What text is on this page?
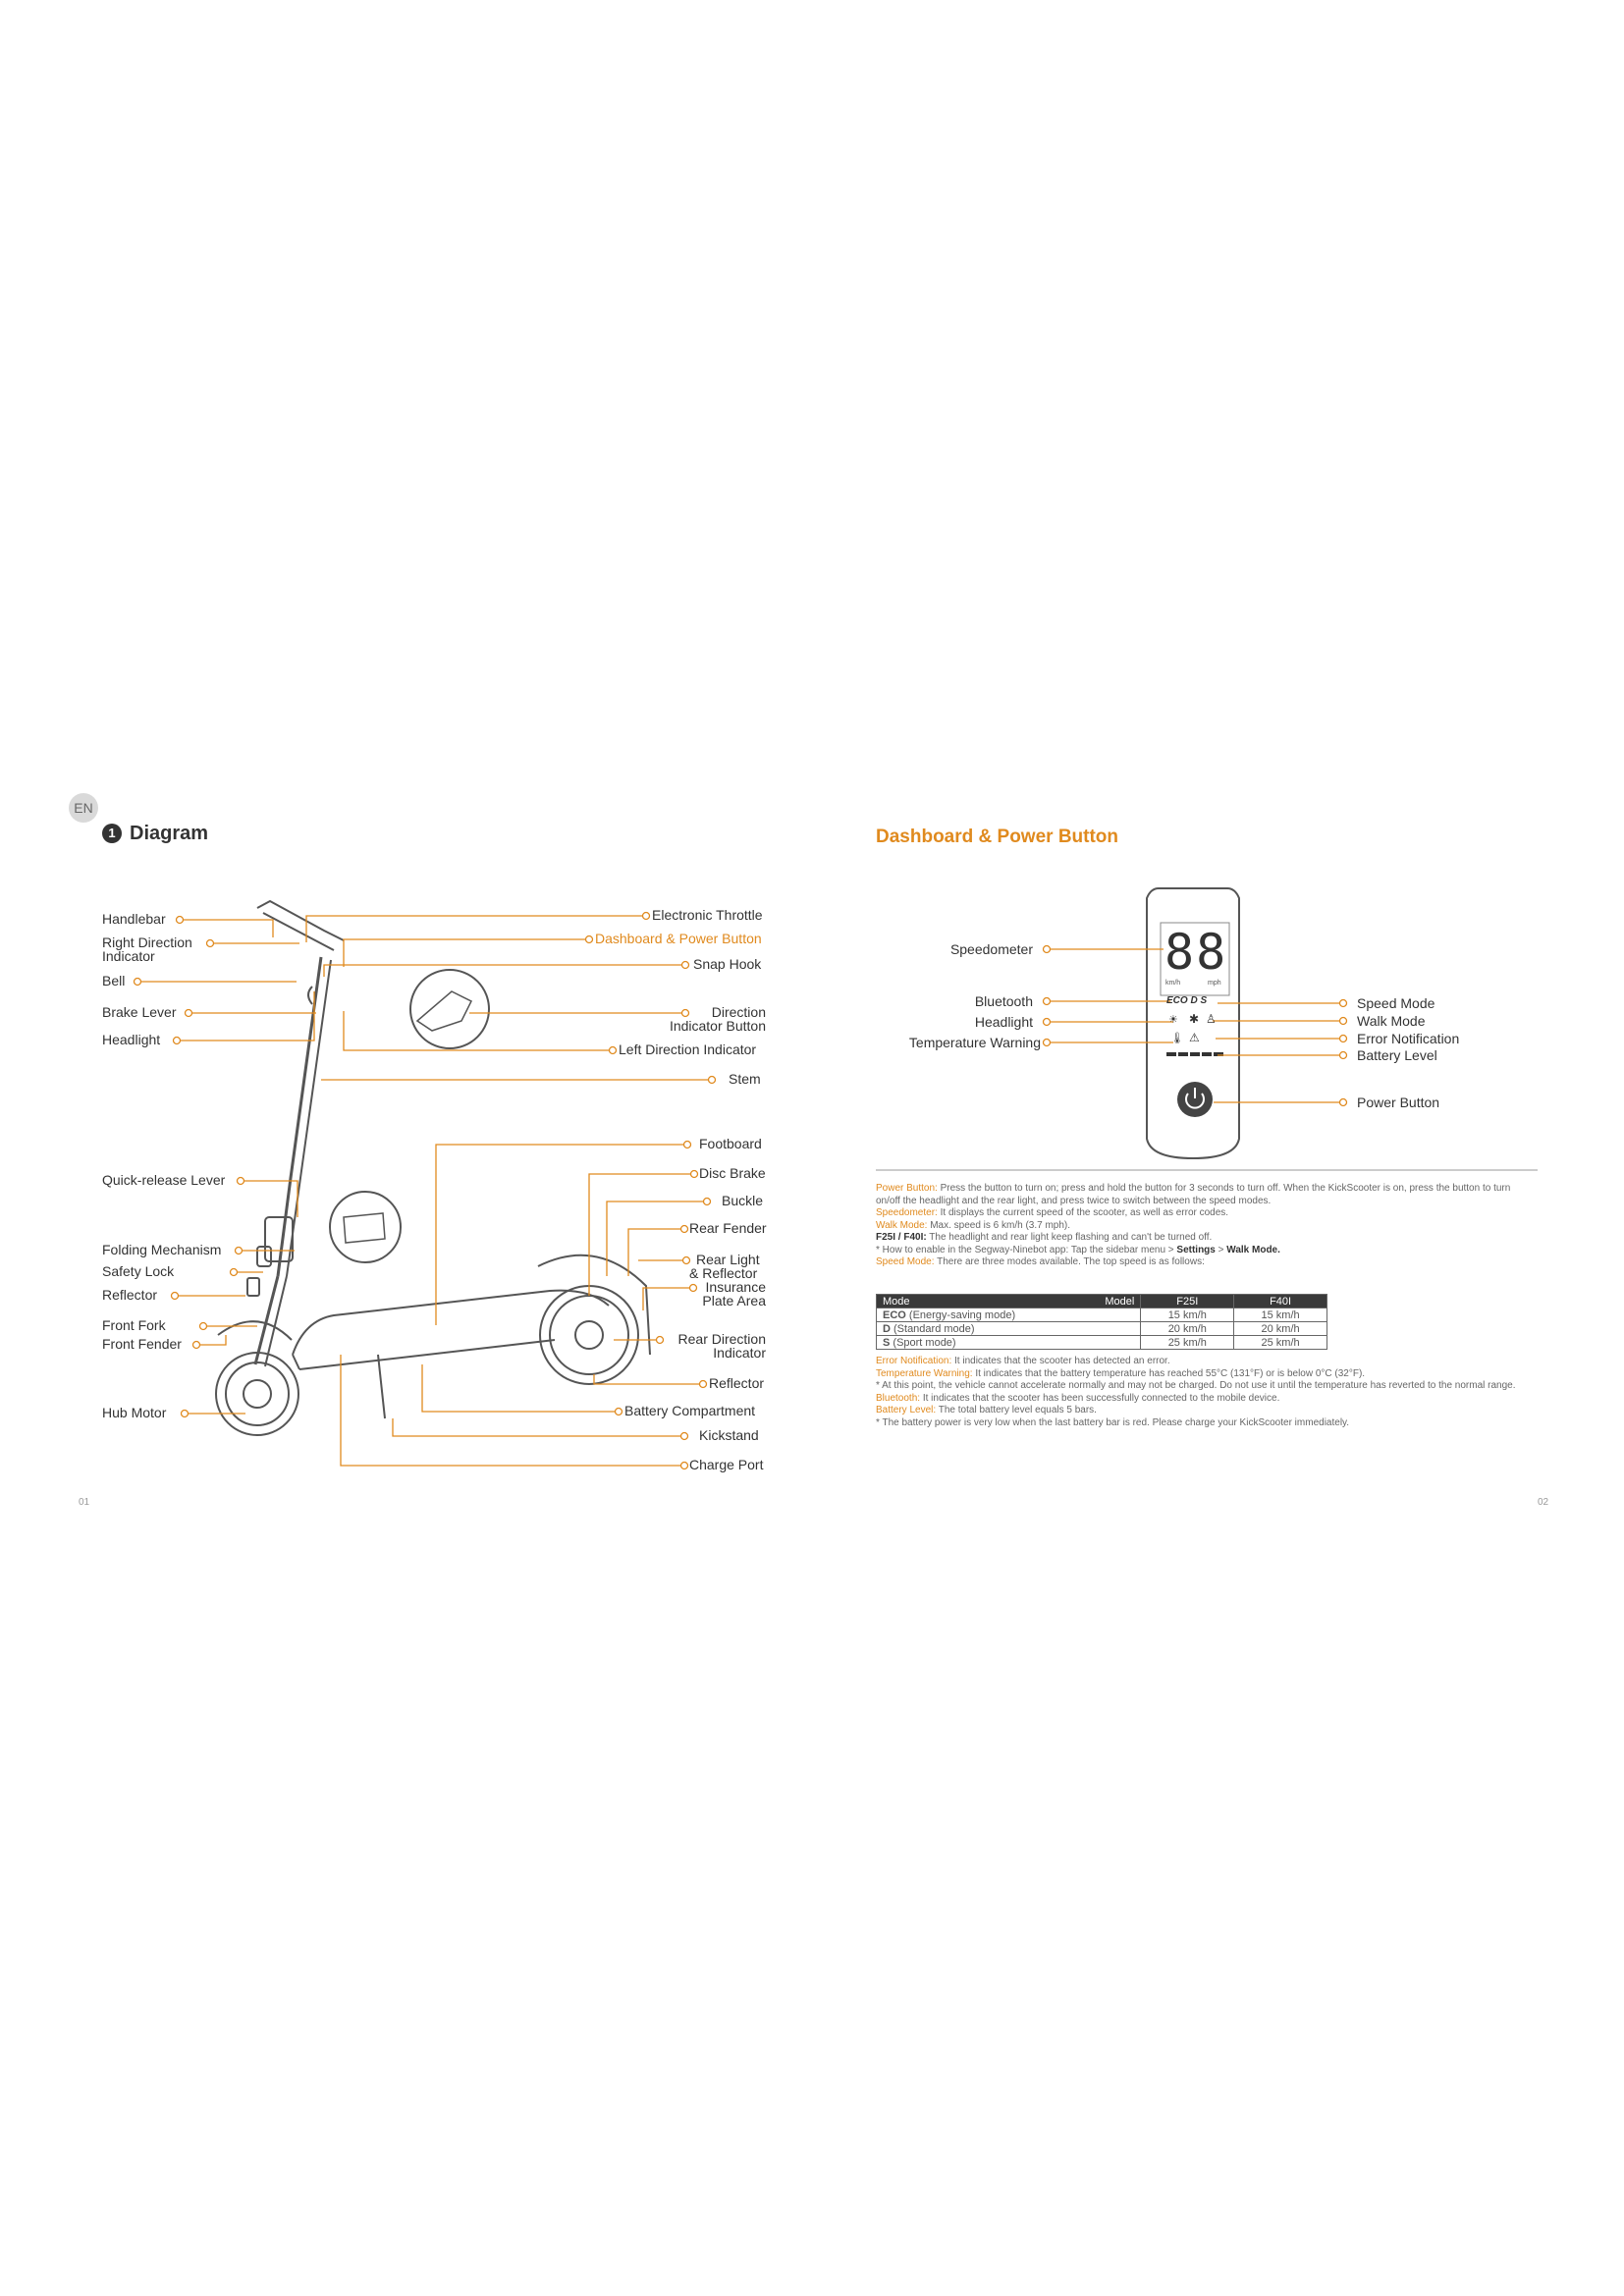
EN
1 Diagram	Dashboard & Power Button
88
km/h	mph
ECO D S
☀ ✱ ♙
🌡 ⚠
Handlebar
Right Direction
Indicator
Bell
Brake Lever
Headlight
Quick-release Lever
Folding Mechanism
Safety Lock
Reflector
Front Fork
Front Fender
Hub Motor
Electronic Throttle
Dashboard & Power Button
Snap Hook
Direction
Indicator Button
Left Direction Indicator
Stem
Footboard
Disc Brake
Buckle
Rear Fender
Rear Light
& Reflector
Insurance
Plate Area
Rear Direction
Indicator
Reflector
Battery Compartment
Kickstand
Charge Port
Speedometer
Bluetooth
Headlight
Temperature Warning
Speed Mode
Walk Mode
Error Notification
Battery Level
Power Button

Power Button: Press the button to turn on; press and hold the button for 3 seconds to turn off. When the KickScooter is on, press the button to turn on/off the headlight and the rear light, and press twice to switch between the speed modes.

Speedometer: It displays the current speed of the scooter, as well as error codes.

Walk Mode: Max. speed is 6 km/h (3.7 mph).

F25I / F40I: The headlight and rear light keep flashing and can't be turned off.

* How to enable in the Segway-Ninebot app: Tap the sidebar menu > Settings > Walk Mode.

Speed Mode: There are three modes available. The top speed is as follows:

Mode Model	F25I	F40I
ECO (Energy-saving mode)	15 km/h	15 km/h
D (Standard mode)	20 km/h	20 km/h
S (Sport mode)	25 km/h	25 km/h

Error Notification: It indicates that the scooter has detected an error.

Temperature Warning: It indicates that the battery temperature has reached 55°C (131°F) or is below 0°C (32°F).

* At this point, the vehicle cannot accelerate normally and may not be charged. Do not use it until the temperature has reverted to the normal range.

Bluetooth: It indicates that the scooter has been successfully connected to the mobile device.

Battery Level: The total battery level equals 5 bars.

* The battery power is very low when the last battery bar is red. Please charge your KickScooter immediately.

01	02
